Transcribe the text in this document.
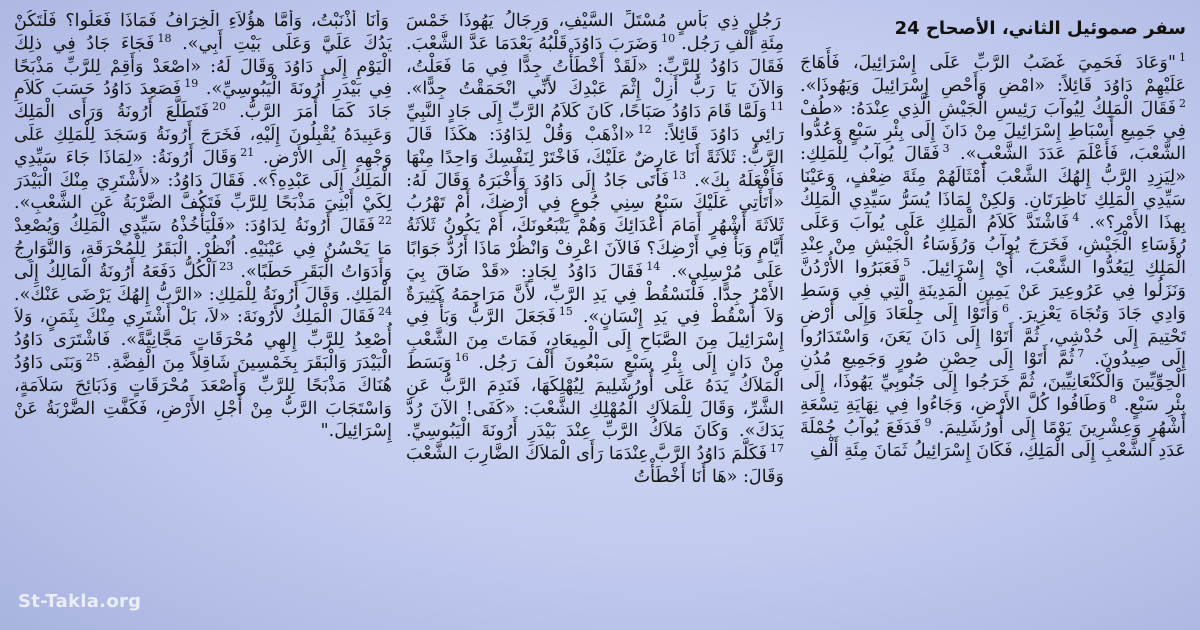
سفر صموئيل الثاني، الأصحاح 24
$^1$"وَعَادَ فَحَمِيَ غَضَبُ الرَّبِّ عَلَى إِسْرَائِيلَ، فَأَهَاجَ عَلَيْهِمْ دَاوُدَ قَائِلاً: «امْضِ وَأَحْصِ إِسْرَائِيلَ وَيَهُوذَا». $^2$فَقَالَ الْمَلِكُ لِيُوآبَ رَئِيسِ الْجَيْشِ الَّذِي عِنْدَهُ: «طُفْ فِي جَمِيعِ أَسْبَاطِ إِسْرَائِيلَ مِنْ دَانَ إِلَى بِئْرِ سَبْعٍ وَعُدُّوا الشَّعْبَ، فَأَعْلَمَ عَدَدَ الشَّعْبِ». $^3$فَقَالَ يُوآبُ لِلْمَلِكِ: «لِيَزِدِ الرَّبُّ إِلهُكَ الشَّعْبَ أَمْثَالَهُمْ مِئَةَ ضِعْفٍ، وَعَيْنَا سَيِّدِي الْمَلِكِ نَاظِرَتَانِ. وَلكِنْ لِمَاذَا يُسَرُّ سَيِّدِي الْمَلِكُ بِهذَا الأَمْرِ؟». $^4$فَاشْتَدَّ كَلاَمُ الْمَلِكِ عَلَى يُوآبَ وَعَلَى رُؤَسَاءِ الْجَيْشِ، فَخَرَجَ يُوآبُ وَرُؤَسَاءُ الْجَيْشِ مِنْ عِنْدِ الْمَلِكِ لِيَعُدُّوا الشَّعْبَ، أَيْ إِسْرَائِيلَ. $^5$فَعَبَرُوا الأُرْدُنَّ وَنَزَلُوا فِي عَرُوعِيرَ عَنْ يَمِينِ الْمَدِينَةِ الَّتِي فِي وَسَطِ وَادِي جَادَ وَتُجَاهَ يَعْزِيرَ. $^6$وَأَتَوْا إِلَى جِلْعَادَ وَإِلَى أَرْضِ تَحْتِيمَ إِلَى حُدْشِي، ثُمَّ أَتَوْا إِلَى دَانَ يَعَنَ، وَاسْتَدَارُوا إِلَى صِيدُونَ. $^7$ثُمَّ أَتَوْا إِلَى حِصْنِ صُورٍ وَجَمِيعِ مُدُنِ الْحِوِّيِّينَ وَالْكَنْعَانِيِّينَ، ثُمَّ خَرَجُوا إِلَى جَنُوبِيِّ يَهُوذَا، إِلَى بِئْرِ سَبْعٍ. $^8$وَطَافُوا كُلَّ الأَرْضِ، وَجَاءُوا فِي نِهَايَةِ تِسْعَةِ أَشْهُرٍ وَعِشْرِينَ يَوْمًا إِلَى أُورُشَلِيمَ. $^9$فَدَفَعَ يُوآبُ جُمْلَةَ عَدَدِ الشَّعْبِ إِلَى الْمَلِكِ، فَكَانَ إِسْرَائِيلُ ثَمَانَ مِئَةِ أَلْفِ
رَجُلٍ ذِي بَأْسٍ مُسْتَلِّ السَّيْفِ، وَرِجَالُ يَهُوذَا خَمْسَ مِئَةِ أَلْفِ رَجُل. $^{10}$وَضَرَبَ دَاوُدَ قَلْبُهُ بَعْدَمَا عَدَّ الشَّعْبَ. فَقَالَ دَاوُدُ لِلرَّبِّ: «لَقَدْ أَخْطَأْتُ جِدًّا فِي مَا فَعَلْتُ، وَالآنَ يَا رَبُّ أَزِلْ إِثْمَ عَبْدِكَ لأَنِّي انْحَمَقْتُ جِدًّا». $^{11}$وَلَمَّا قَامَ دَاوُدُ صَبَاحًا، كَانَ كَلاَمُ الرَّبِّ إِلَى جَادٍ النَّبِيِّ رَائِي دَاوُدَ قَائِلاً: $^{12}$«اذْهَبْ وَقُلْ لِدَاوُدَ: هكَذَا قَالَ الرَّبُّ: ثَلاَثَةً أَنَا عَارِضٌ عَلَيْكَ، فَاخْتَرْ لِنَفْسِكَ وَاحِدًا مِنْهَا فَأَفْعَلَهُ بِكَ». $^{13}$فَأَتَى جَادُ إِلَى دَاوُدَ وَأَخْبَرَهُ وَقَالَ لَهُ: «أَتَأْتِي عَلَيْكَ سَبْعُ سِنِي جُوعٍ فِي أَرْضِكَ، أَمْ تَهْرُبُ ثَلاَثَةَ أَشْهُرٍ أَمَامَ أَعْدَائِكَ وَهُمْ يَتْبَعُونَكَ، أَمْ يَكُونُ ثَلاَثَةُ أَيَّامٍ وَبَأٌ فِي أَرْضِكَ؟ فَالآنَ اعْرِفْ وَانْظُرْ مَاذَا أَرُدُّ جَوَابًا عَلَى مُرْسِلِي». $^{14}$فَقَالَ دَاوُدُ لِجَادٍ: «قَدْ ضَاقَ بِيَ الأَمْرُ جِدًّا. فَلْنَسْقُطْ فِي يَدِ الرَّبِّ، لأَنَّ مَرَاحِمَهُ كَثِيرَةٌ وَلاَ أَسْقُطْ فِي يَدِ إِنْسَانٍ». $^{15}$فَجَعَلَ الرَّبُّ وَبَأً فِي إِسْرَائِيلَ مِنَ الصَّبَاحِ إِلَى الْمِيعَادِ، فَمَاتَ مِنَ الشَّعْبِ مِنْ دَانٍ إِلَى بِئْرِ سَبْعٍ سَبْعُونَ أَلْفَ رَجُل. $^{16}$وَبَسَطَ الْمَلاَكُ يَدَهُ عَلَى أُورُشَلِيمَ لِيُهْلِكَهَا، فَنَدِمَ الرَّبُّ عَنِ الشَّرِّ، وَقَالَ لِلْمَلاَكِ الْمُهْلِكِ الشَّعْبَ: «كَفَى! الآنَ رُدَّ يَدَكَ». وَكَانَ مَلاَكُ الرَّبِّ عِنْدَ بَيْدَرِ أَرُونَةَ الْيَبُوسِيِّ. $^{17}$فَكَلَّمَ دَاوُدُ الرَّبَّ عِنْدَمَا رَأَى الْمَلاَكَ الضَّارِبَ الشَّعْبَ وَقَالَ: «هَا أَنَا أَخْطَأْتُ
وَأَنَا أَذْنَبْتُ، وَأَمَّا هؤُلاَءِ الْخِرَافُ فَمَاذَا فَعَلُوا؟ فَلْتَكُنْ يَدُكَ عَلَيَّ وَعَلَى بَيْتِ أَبِي». $^{18}$فَجَاءَ جَادُ فِي ذلِكَ الْيَوْمِ إِلَى دَاوُدَ وَقَالَ لَهُ: «اصْعَدْ وَأَقِمْ لِلرَّبِّ مَذْبَحًا فِي بَيْدَرِ أَرُونَةَ الْيَبُوسِيِّ». $^{19}$فَصَعِدَ دَاوُدُ حَسَبَ كَلاَمِ جَادَ كَمَا أَمَرَ الرَّبُّ. $^{20}$فَتَطَلَّعَ أَرُونَةُ وَرَأَى الْمَلِكَ وَعَبِيدَهُ يُقْبِلُونَ إِلَيْهِ، فَخَرَجَ أَرُونَةُ وَسَجَدَ لِلْمَلِكِ عَلَى وَجْهِهِ إِلَى الأَرْضِ. $^{21}$وَقَالَ أَرُونَةُ: «لِمَاذَا جَاءَ سَيِّدِي الْمَلِكُ إِلَى عَبْدِهِ؟». فَقَالَ دَاوُدُ: «لأَشْتَرِيَ مِنْكَ الْبَيْدَرَ لِكَيْ أَبْنِيَ مَذْبَحًا لِلرَّبِّ فَتَكُفَّ الضَّرْبَةُ عَنِ الشَّعْبِ». $^{22}$فَقَالَ أَرُونَةُ لِدَاوُدَ: «فَلْيَأْخُذْهُ سَيِّدِي الْمَلِكُ وَيُصْعِدْ مَا يَحْسُنُ فِي عَيْنَيْهِ. اُنْظُرْ. الْبَقَرُ لِلْمُحْرَقَةِ، وَالنَّوَارِجُ وَأَدَوَاتُ الْبَقَرِ حَطَبًا». $^{23}$اَلْكُلُّ دَفَعَهُ أَرُونَةُ الْمَالِكُ إِلَى الْمَلِكِ. وَقَالَ أَرُونَةُ لِلْمَلِكِ: «الرَّبُّ إِلهُكَ يَرْضَى عَنْكَ». $^{24}$فَقَالَ الْمَلِكُ لأَرُونَةَ: «لاَ، بَلْ أَشْتَرِي مِنْكَ بِثَمَنٍ، وَلاَ أُصْعِدُ لِلرَّبِّ إِلهِي مُحْرَقَاتٍ مَجَّانِيَّةً». فَاشْتَرَى دَاوُدُ الْبَيْدَرَ وَالْبَقَرَ بِخَمْسِينَ شَاقِلاً مِنَ الْفِضَّةِ. $^{25}$وَبَنَى دَاوُدُ هُنَاكَ مَذْبَحًا لِلرَّبِّ وَأَصْعَدَ مُحْرَقَاتٍ وَذَبَائِحَ سَلاَمَةٍ، وَاسْتَجَابَ الرَّبُّ مِنْ أَجْلِ الأَرْضِ، فَكَفَّتِ الضَّرْبَةُ عَنْ إِسْرَائِيلَ."
St-Takla.org
